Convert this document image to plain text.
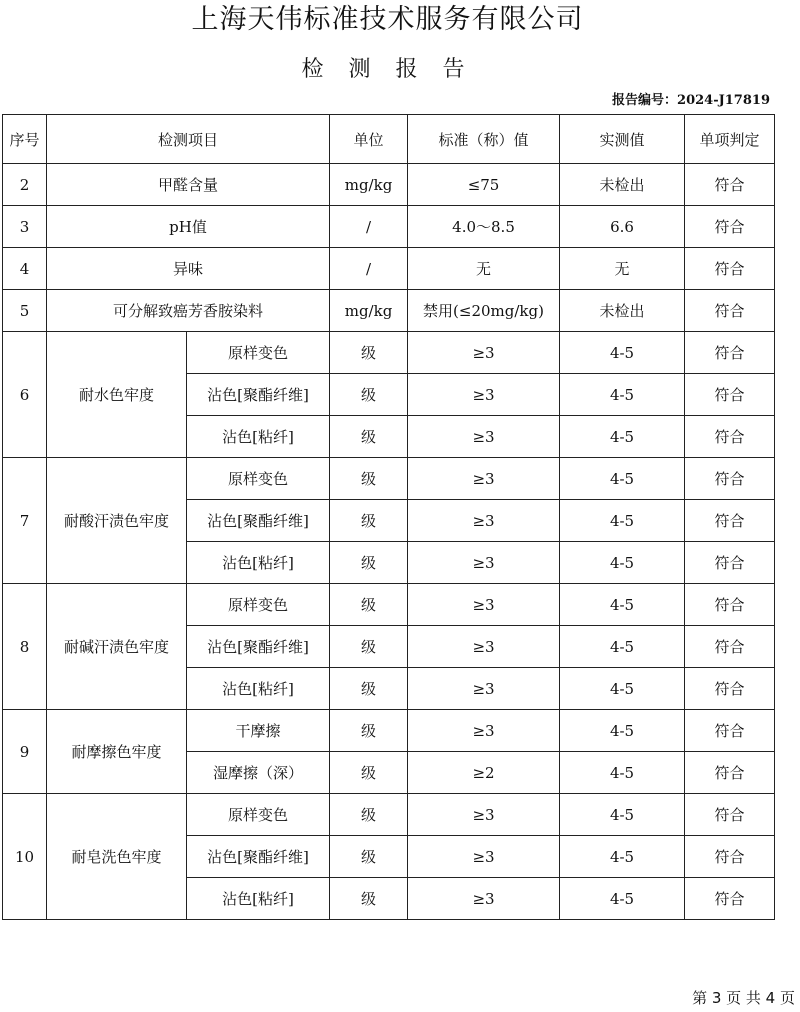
上海天伟标准技术服务有限公司
检 测 报 告
报告编号：2024-J17819
序号	检测项目		单位	标准（称）值	实测值	单项判定
2	甲醛含量		mg/kg	≤75	未检出	符合
3	pH值		/	4.0～8.5	6.6	符合
4	异味		/	无	无	符合
5	可分解致癌芳香胺染料		mg/kg	禁用(≤20mg/kg)	未检出	符合
6	耐水色牢度	原样变色	级	≥3	4-5	符合
		沾色[聚酯纤维]	级	≥3	4-5	符合
		沾色[粘纤]	级	≥3	4-5	符合
7	耐酸汗渍色牢度	原样变色	级	≥3	4-5	符合
		沾色[聚酯纤维]	级	≥3	4-5	符合
		沾色[粘纤]	级	≥3	4-5	符合
8	耐碱汗渍色牢度	原样变色	级	≥3	4-5	符合
		沾色[聚酯纤维]	级	≥3	4-5	符合
		沾色[粘纤]	级	≥3	4-5	符合
9	耐摩擦色牢度	干摩擦	级	≥3	4-5	符合
		湿摩擦（深）	级	≥2	4-5	符合
10	耐皂洗色牢度	原样变色	级	≥3	4-5	符合
		沾色[聚酯纤维]	级	≥3	4-5	符合
		沾色[粘纤]	级	≥3	4-5	符合
第 3 页 共 4 页
